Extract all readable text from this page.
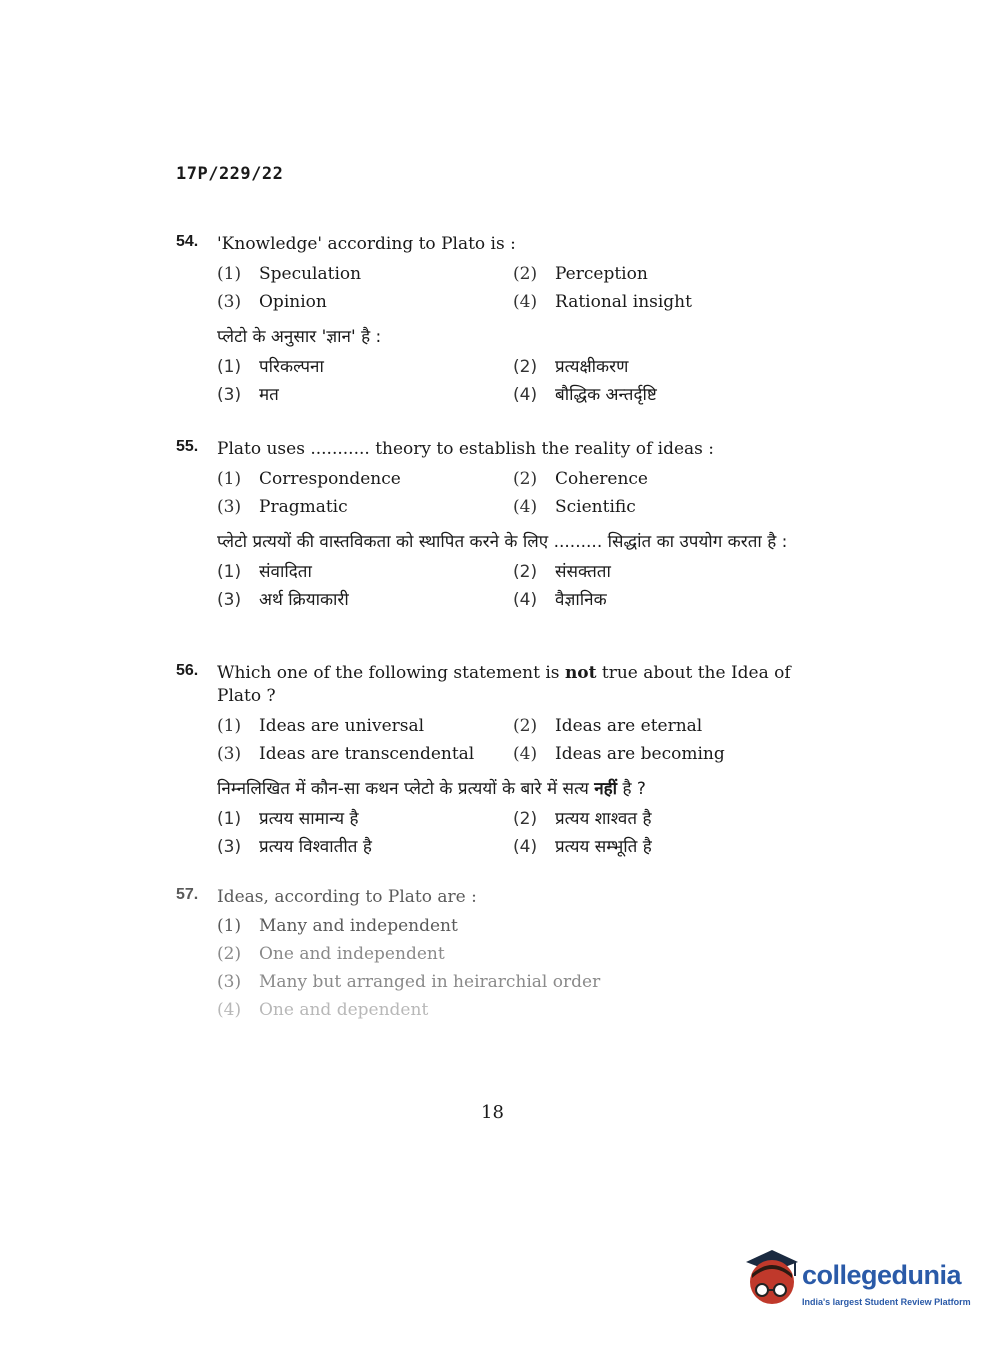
17P/229/22
54.	'Knowledge' according to Plato is :
(1)	Speculation	(2)	Perception
(3)	Opinion	(4)	Rational insight
प्लेटो के अनुसार 'ज्ञान' है :
(1)	परिकल्पना	(2)	प्रत्यक्षीकरण
(3)	मत	(4)	बौद्धिक अन्तर्दृष्टि
55.	Plato uses ........... theory to establish the reality of ideas :
(1)	Correspondence	(2)	Coherence
(3)	Pragmatic	(4)	Scientific
प्लेटो प्रत्ययों की वास्तविकता को स्थापित करने के लिए ......... सिद्धांत का उपयोग करता है :
(1)	संवादिता	(2)	संसक्तता
(3)	अर्थ क्रियाकारी	(4)	वैज्ञानिक
56.	Which one of the following statement is not true about the Idea of Plato ?
(1)	Ideas are universal	(2)	Ideas are eternal
(3)	Ideas are transcendental (4)	Ideas are becoming
निम्नलिखित में कौन-सा कथन प्लेटो के प्रत्ययों के बारे में सत्य नहीं है ?
(1)	प्रत्यय सामान्य है	(2)	प्रत्यय शाश्वत है
(3)	प्रत्यय विश्वातीत है	(4)	प्रत्यय सम्भूति है
57.	Ideas, according to Plato are :
(1)	Many and independent
(2)	One and independent
(3)	Many but arranged in heirarchial order
(4)	One and dependent
18
collegedunia
India's largest Student Review Platform
